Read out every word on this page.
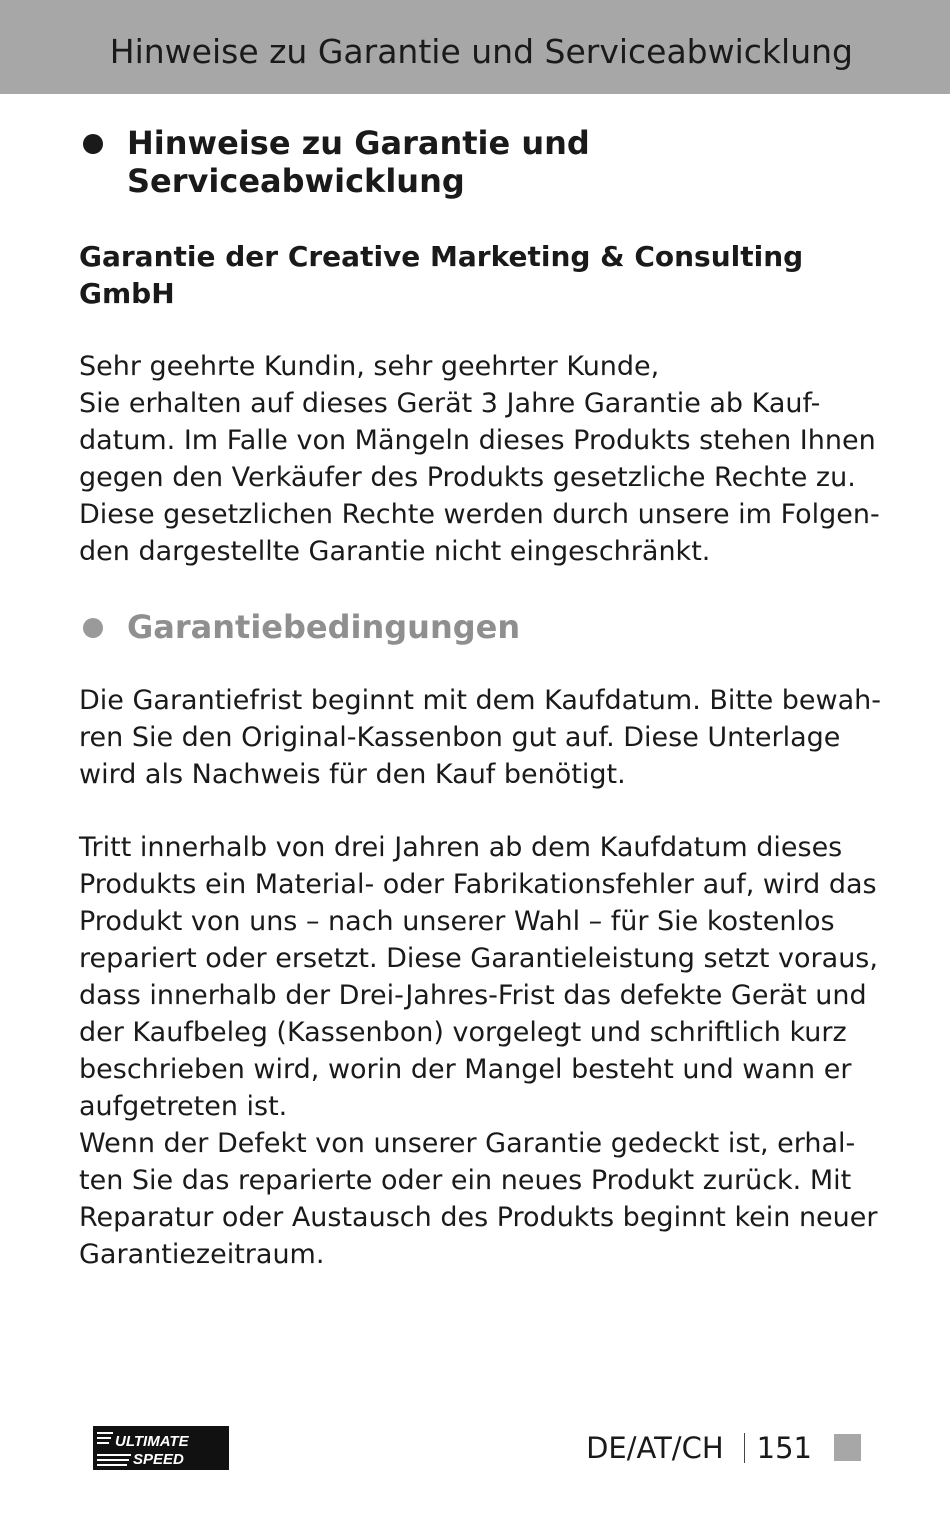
Hinweise zu Garantie und Serviceabwicklung
Hinweise zu Garantie und
Serviceabwicklung

Garantie der Creative Marketing & Consulting
GmbH

Sehr geehrte Kundin, sehr geehrter Kunde,
Sie erhalten auf dieses Gerät 3 Jahre Garantie ab Kauf-
datum. Im Falle von Mängeln dieses Produkts stehen Ihnen
gegen den Verkäufer des Produkts gesetzliche Rechte zu.
Diese gesetzlichen Rechte werden durch unsere im Folgen-
den dargestellte Garantie nicht eingeschränkt.

Garantiebedingungen

Die Garantiefrist beginnt mit dem Kaufdatum. Bitte bewah-
ren Sie den Original-Kassenbon gut auf. Diese Unterlage
wird als Nachweis für den Kauf benötigt.

Tritt innerhalb von drei Jahren ab dem Kaufdatum dieses
Produkts ein Material- oder Fabrikationsfehler auf, wird das
Produkt von uns – nach unserer Wahl – für Sie kostenlos
repariert oder ersetzt. Diese Garantieleistung setzt voraus,
dass innerhalb der Drei-Jahres-Frist das defekte Gerät und
der Kaufbeleg (Kassenbon) vorgelegt und schriftlich kurz
beschrieben wird, worin der Mangel besteht und wann er
aufgetreten ist.
Wenn der Defekt von unserer Garantie gedeckt ist, erhal-
ten Sie das reparierte oder ein neues Produkt zurück. Mit
Reparatur oder Austausch des Produkts beginnt kein neuer
Garantiezeitraum.

ULTIMATE
SPEED	DE/AT/CH 151
